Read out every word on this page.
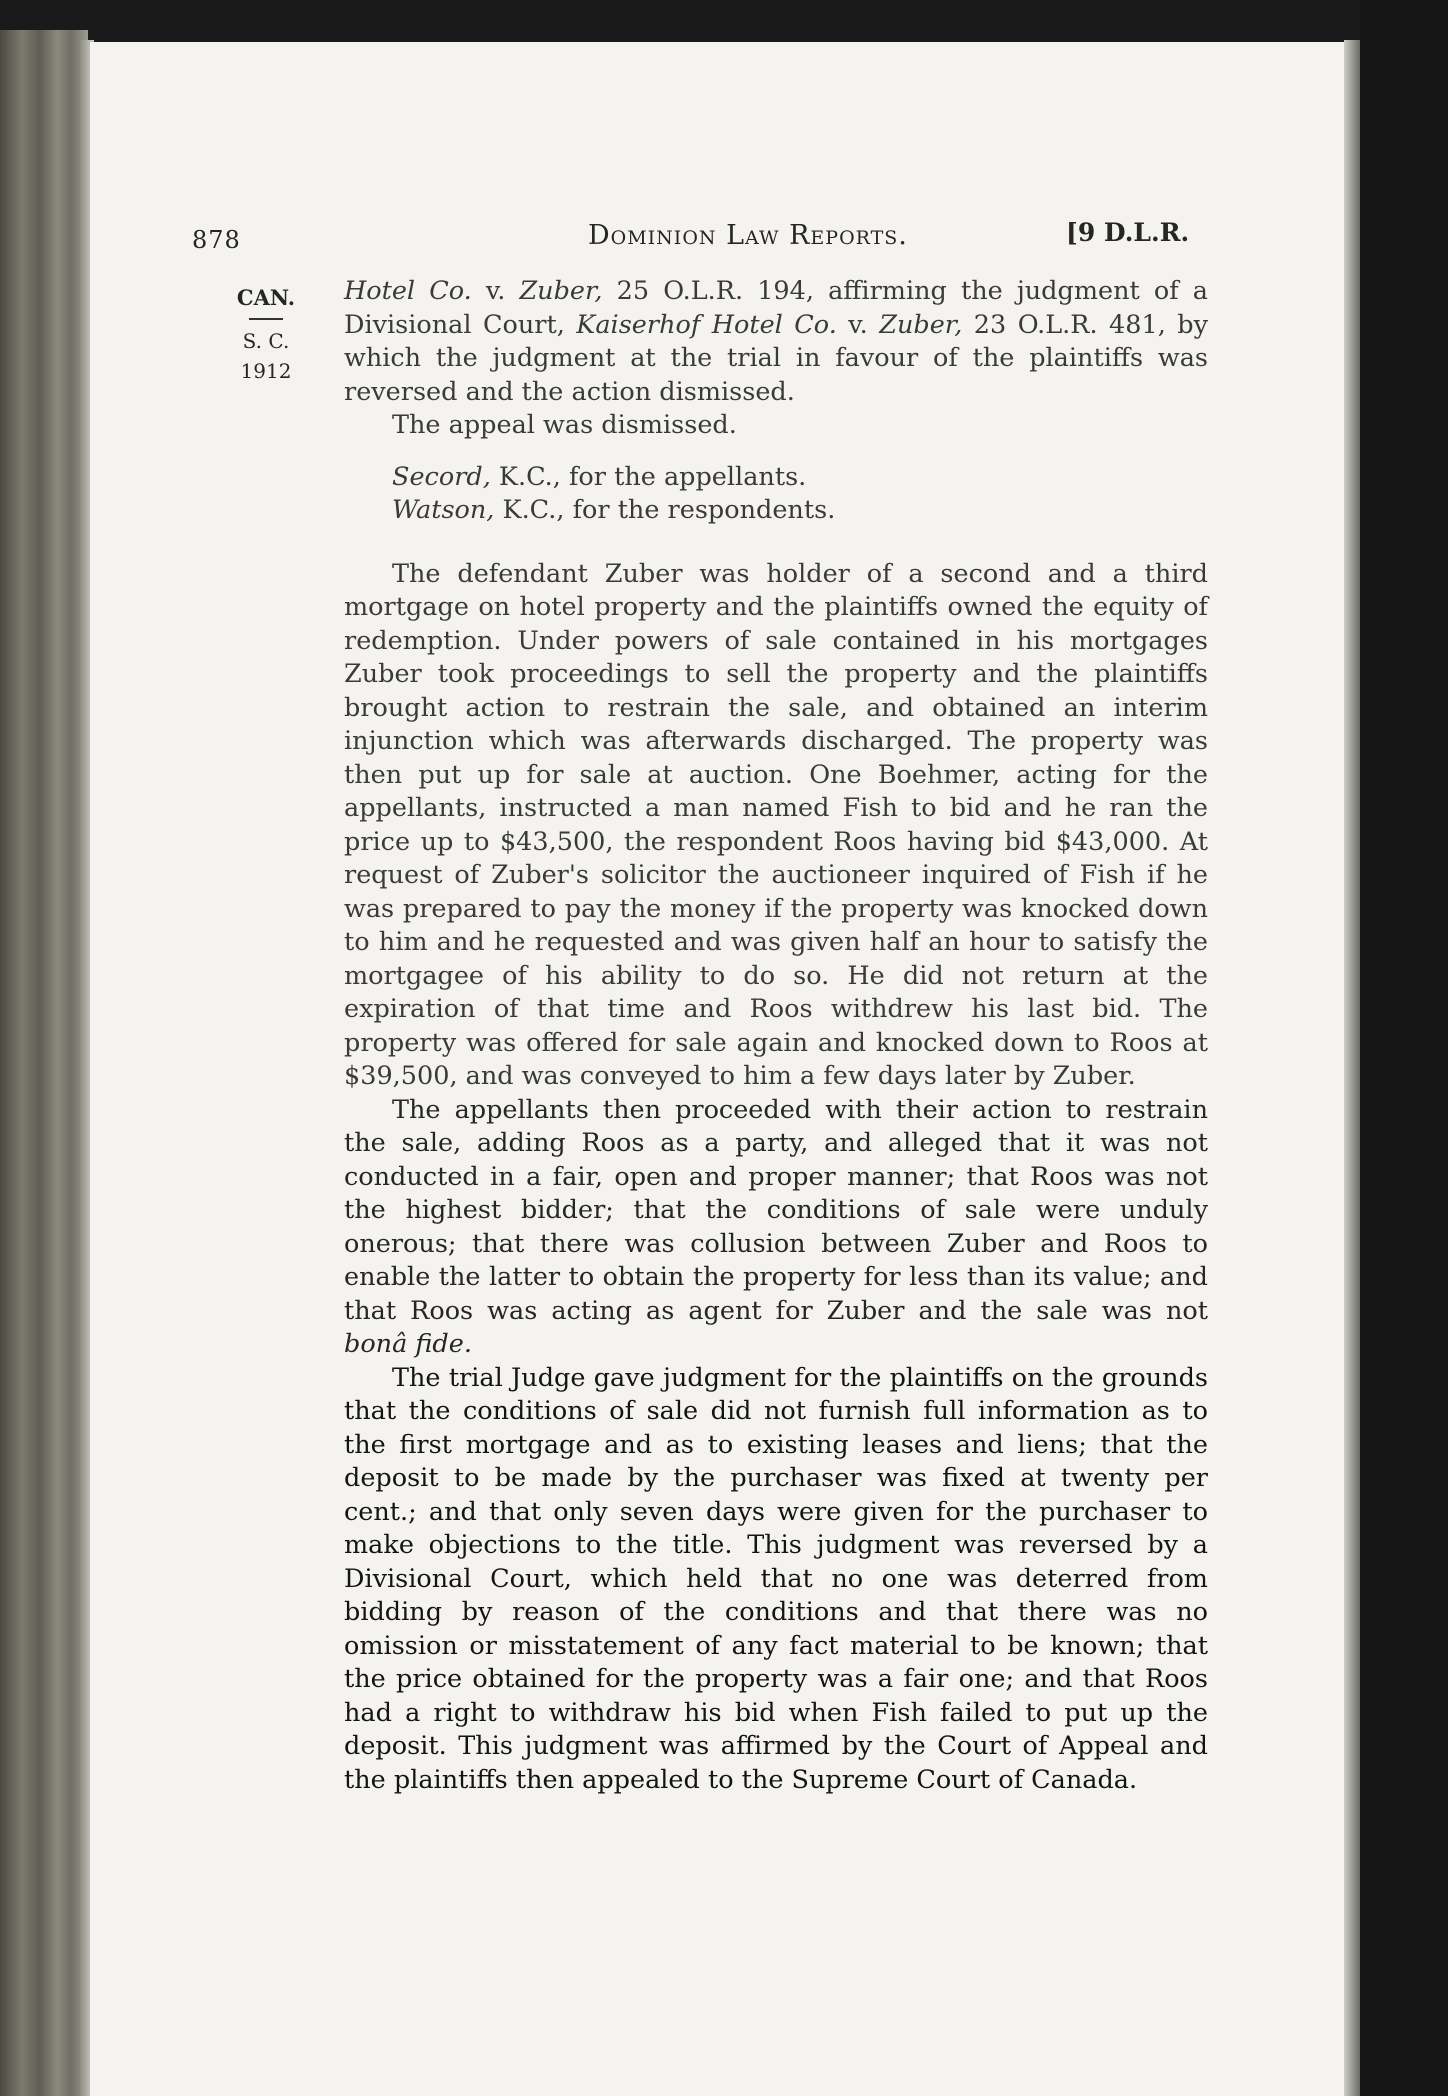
878	Dominion Law Reports.	[9 D.L.R.
CAN.
S. C.
1912

Hotel Co. v. Zuber, 25 O.L.R. 194, affirming the judgment of a Divisional Court, Kaiserhof Hotel Co. v. Zuber, 23 O.L.R. 481, by which the judgment at the trial in favour of the plaintiffs was reversed and the action dismissed.

The appeal was dismissed.

Secord, K.C., for the appellants.
Watson, K.C., for the respondents.

The defendant Zuber was holder of a second and a third mortgage on hotel property and the plaintiffs owned the equity of redemption. Under powers of sale contained in his mortgages Zuber took proceedings to sell the property and the plaintiffs brought action to restrain the sale, and obtained an interim injunction which was afterwards discharged. The property was then put up for sale at auction. One Boehmer, acting for the appellants, instructed a man named Fish to bid and he ran the price up to $43,500, the respondent Roos having bid $43,000. At request of Zuber's solicitor the auctioneer inquired of Fish if he was prepared to pay the money if the property was knocked down to him and he requested and was given half an hour to satisfy the mortgagee of his ability to do so. He did not return at the expiration of that time and Roos withdrew his last bid. The property was offered for sale again and knocked down to Roos at $39,500, and was conveyed to him a few days later by Zuber.

The appellants then proceeded with their action to restrain the sale, adding Roos as a party, and alleged that it was not conducted in a fair, open and proper manner; that Roos was not the highest bidder; that the conditions of sale were unduly onerous; that there was collusion between Zuber and Roos to enable the latter to obtain the property for less than its value; and that Roos was acting as agent for Zuber and the sale was not bonâ fide.

The trial Judge gave judgment for the plaintiffs on the grounds that the conditions of sale did not furnish full information as to the first mortgage and as to existing leases and liens; that the deposit to be made by the purchaser was fixed at twenty per cent.; and that only seven days were given for the purchaser to make objections to the title. This judgment was reversed by a Divisional Court, which held that no one was deterred from bidding by reason of the conditions and that there was no omission or misstatement of any fact material to be known; that the price obtained for the property was a fair one; and that Roos had a right to withdraw his bid when Fish failed to put up the deposit. This judgment was affirmed by the Court of Appeal and the plaintiffs then appealed to the Supreme Court of Canada.
